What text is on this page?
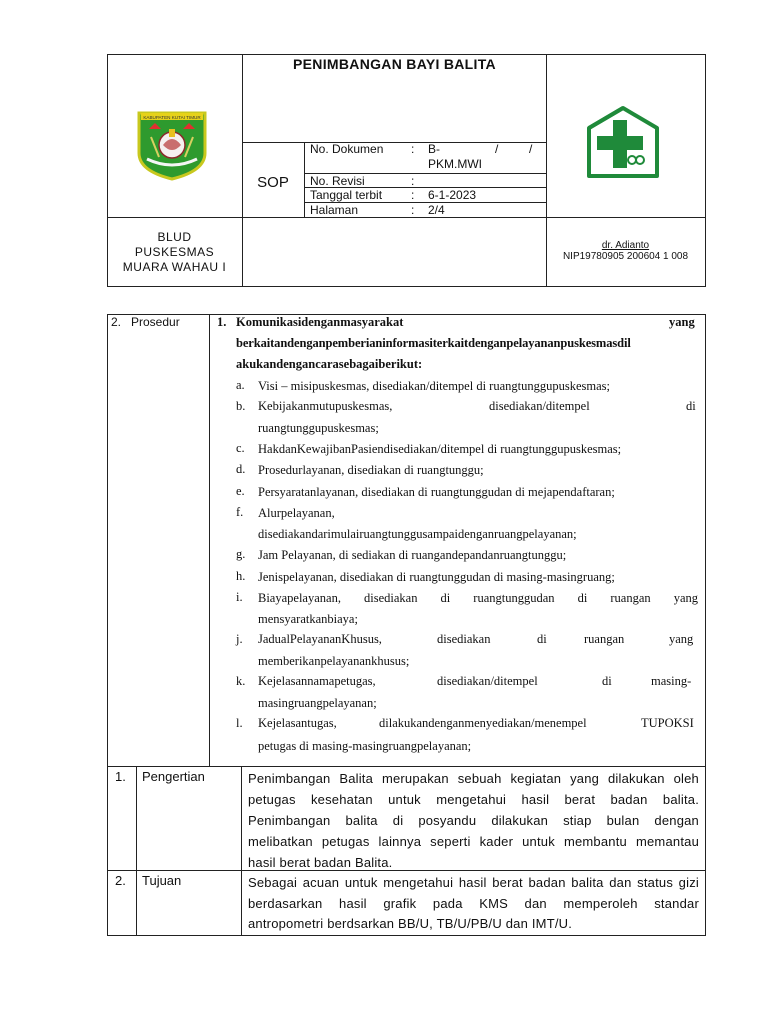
KABUPATEN KUTAI TIMUR
PENIMBANGAN BAYI BALITA
SOP
No. Dokumen : B-	/	/
PKM.MWI
No. Revisi	:
Tanggal terbit : 6-1-2023
Halaman	: 2/4
BLUD
PUSKESMAS
MUARA WAHAU I
dr. Adianto
NIP19780905 200604 1 008
2. Prosedur	1. Komunikasidenganmasyarakat	yang
berkaitandenganpemberianinformasiterkaitdenganpelayananpuskesmasdil
akukandengancarasebagaiberikut:
a. Visi – misipuskesmas, disediakan/ditempel di ruangtunggupuskesmas;
b. Kebijakanmutupuskesmas,	disediakan/ditempel	di
ruangtunggupuskesmas;
c. HakdanKewajibanPasiendisediakan/ditempel di ruangtunggupuskesmas;
d. Prosedurlayanan, disediakan di ruangtunggu;
e. Persyaratanlayanan, disediakan di ruangtunggudan di mejapendaftaran;
f. Alurpelayanan,
disediakandarimulairuangtunggusampaidenganruangpelayanan;
g. Jam Pelayanan, di sediakan di ruangandepandanruangtunggu;
h. Jenispelayanan, disediakan di ruangtunggudan di masing-masingruang;
i. Biayapelayanan, disediakan di ruangtunggudan di ruangan yang
mensyaratkanbiaya;
j. JadualPelayananKhusus,	disediakan	di	ruangan	yang
memberikanpelayanankhusus;
k. Kejelasannamapetugas,	disediakan/ditempel	di	masing-
masingruangpelayanan;
l. Kejelasantugas,	dilakukandenganmenyediakan/menempel	TUPOKSI
petugas di masing-masingruangpelayanan;
1. Pengertian	Penimbangan Balita merupakan sebuah kegiatan yang dilakukan oleh
petugas kesehatan untuk mengetahui hasil berat badan balita.
Penimbangan balita di posyandu dilakukan stiap bulan dengan
melibatkan petugas lainnya seperti kader untuk membantu memantau
hasil berat badan Balita.
2. Tujuan	Sebagai acuan untuk mengetahui hasil berat badan balita dan status gizi
berdasarkan hasil grafik pada KMS dan memperoleh standar
antropometri berdsarkan BB/U, TB/U/PB/U dan IMT/U.
